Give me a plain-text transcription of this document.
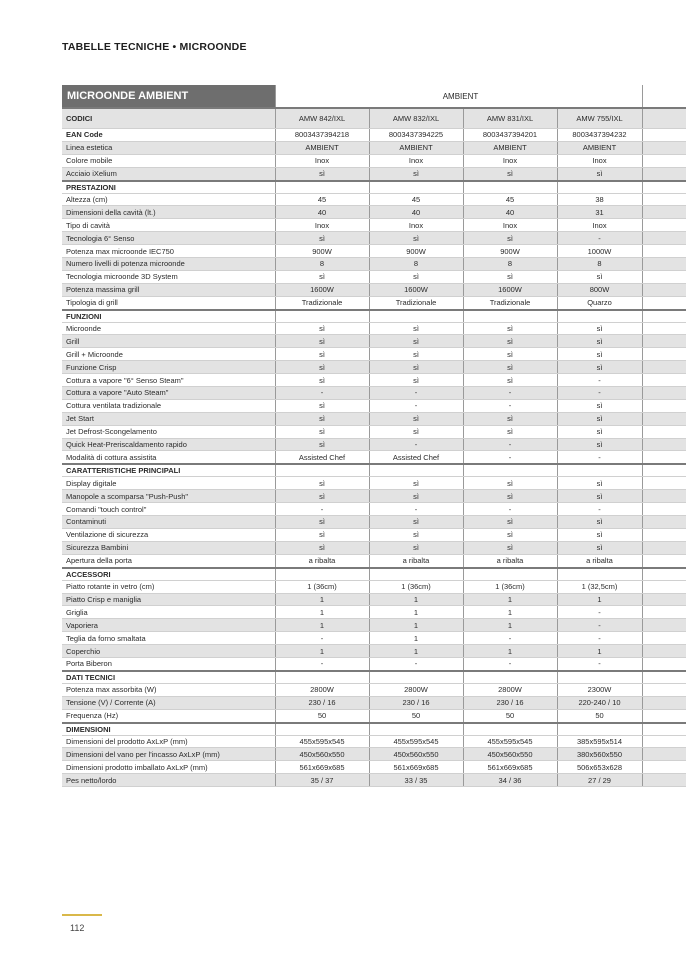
TABELLE TECNICHE • MICROONDE
MICROONDE AMBIENT	AMBIENT				
CODICI	AMW 842/IXL	AMW 832/IXL	AMW 831/IXL	AMW 755/IXL	
EAN Code	8003437394218	8003437394225	8003437394201	8003437394232	
Linea estetica	AMBIENT	AMBIENT	AMBIENT	AMBIENT	
Colore mobile	Inox	Inox	Inox	Inox	
Acciaio iXelium	sì	sì	sì	sì	
PRESTAZIONI					
Altezza (cm)	45	45	45	38	
Dimensioni della cavità (lt.)	40	40	40	31	
Tipo di cavità	Inox	Inox	Inox	Inox	
Tecnologia 6° Senso	sì	sì	sì	-	
Potenza max microonde IEC750	900W	900W	900W	1000W	
Numero livelli di potenza microonde	8	8	8	8	
Tecnologia microonde 3D System	sì	sì	sì	sì	
Potenza massima grill	1600W	1600W	1600W	800W	
Tipologia di grill	Tradizionale	Tradizionale	Tradizionale	Quarzo	
FUNZIONI					
Microonde	sì	sì	sì	sì	
Grill	sì	sì	sì	sì	
Grill + Microonde	sì	sì	sì	sì	
Funzione Crisp	sì	sì	sì	sì	
Cottura a vapore "6° Senso Steam"	sì	sì	sì	-	
Cottura a vapore "Auto Steam"	-	-	-	-	
Cottura ventilata tradizionale	sì	-	-	sì	
Jet Start	sì	sì	sì	sì	
Jet Defrost-Scongelamento	sì	sì	sì	sì	
Quick Heat-Preriscaldamento rapido	sì	-	-	sì	
Modalità di cottura assistita	Assisted Chef	Assisted Chef	-	-	
CARATTERISTICHE PRINCIPALI					
Display digitale	sì	sì	sì	sì	
Manopole a scomparsa "Push-Push"	sì	sì	sì	sì	
Comandi "touch control"	-	-	-	-	
Contaminuti	sì	sì	sì	sì	
Ventilazione di sicurezza	sì	sì	sì	sì	
Sicurezza Bambini	sì	sì	sì	sì	
Apertura della porta	a ribalta	a ribalta	a ribalta	a ribalta	
ACCESSORI					
Piatto rotante in vetro (cm)	1 (36cm)	1 (36cm)	1 (36cm)	1 (32,5cm)	
Piatto Crisp e maniglia	1	1	1	1	
Griglia	1	1	1	-	
Vaporiera	1	1	1	-	
Teglia da forno smaltata	-	1	-	-	
Coperchio	1	1	1	1	
Porta Biberon	-	-	-	-	
DATI TECNICI					
Potenza max assorbita (W)	2800W	2800W	2800W	2300W	
Tensione (V) / Corrente (A)	230 / 16	230 / 16	230 / 16	220-240 / 10	
Frequenza (Hz)	50	50	50	50	
DIMENSIONI					
Dimensioni del prodotto AxLxP (mm)	455x595x545	455x595x545	455x595x545	385x595x514	
Dimensioni del vano per l'incasso AxLxP (mm)	450x560x550	450x560x550	450x560x550	380x560x550	
Dimensioni prodotto imballato AxLxP (mm)	561x669x685	561x669x685	561x669x685	506x653x628	
Pes netto/lordo	35 / 37	33 / 35	34 / 36	27 / 29	
112
